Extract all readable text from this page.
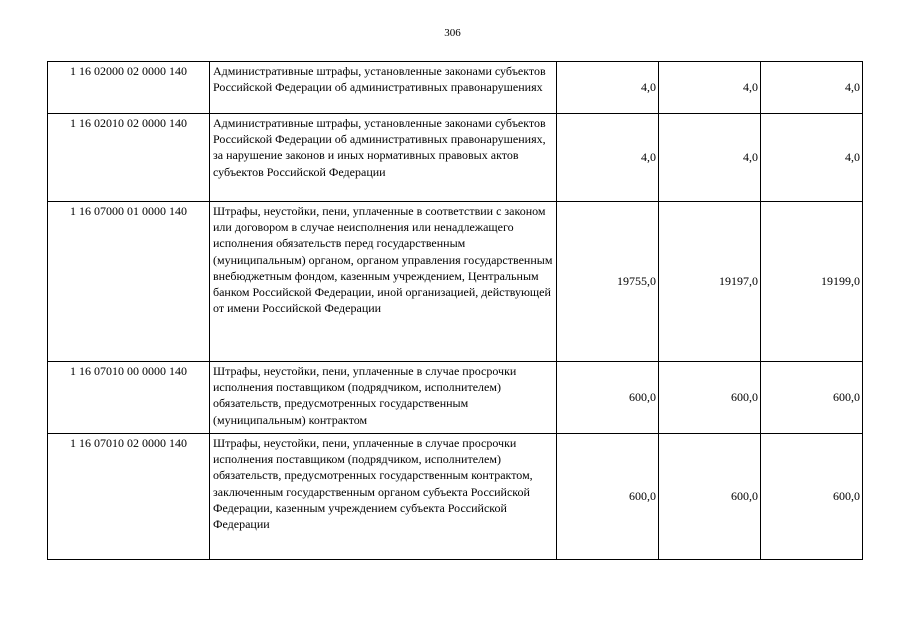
306
1 16 02000 02 0000 140	Административные штрафы, установленные законами субъектов Российской Федерации об административных правонарушениях	4,0	4,0	4,0
1 16 02010 02 0000 140	Административные штрафы, установленные законами субъектов Российской Федерации об административных правонарушениях, за нарушение законов и иных нормативных правовых актов субъектов Российской Федерации	4,0	4,0	4,0
1 16 07000 01 0000 140	Штрафы, неустойки, пени, уплаченные в соответствии с законом или договором в случае неисполнения или ненадлежащего исполнения обязательств перед государственным (муниципальным) органом, органом управления государственным внебюджетным фондом, казенным учреждением, Центральным банком Российской Федерации, иной организацией, действующей от имени Российской Федерации	19755,0	19197,0	19199,0
1 16 07010 00 0000 140	Штрафы, неустойки, пени, уплаченные в случае просрочки исполнения поставщиком (подрядчиком, исполнителем) обязательств, предусмотренных государственным (муниципальным) контрактом	600,0	600,0	600,0
1 16 07010 02 0000 140	Штрафы, неустойки, пени, уплаченные в случае просрочки исполнения поставщиком (подрядчиком, исполнителем) обязательств, предусмотренных государственным контрактом, заключенным государственным органом субъекта Российской Федерации, казенным учреждением субъекта Российской Федерации	600,0	600,0	600,0
